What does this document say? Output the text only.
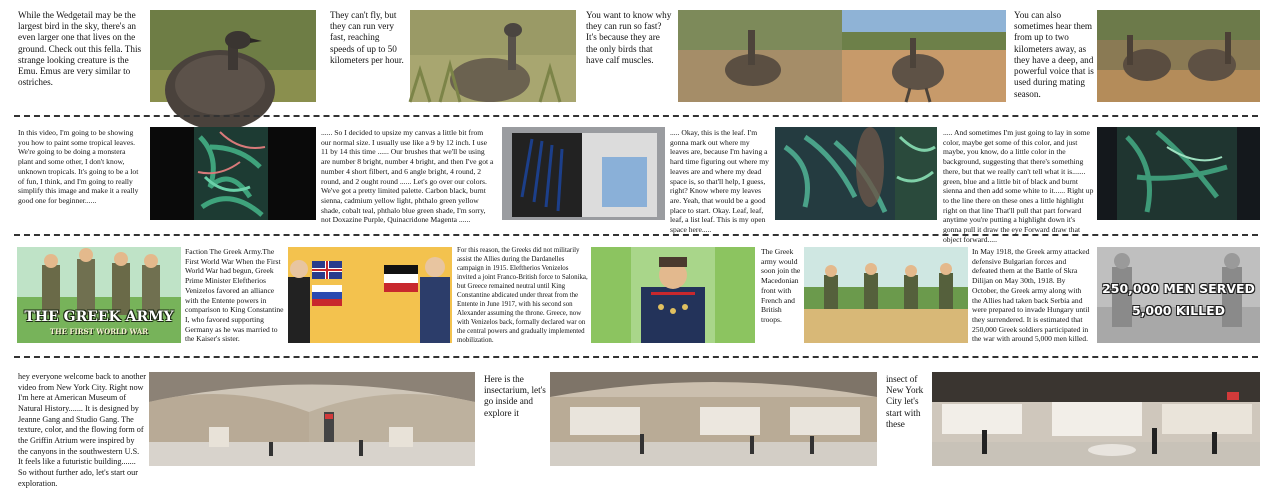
While the Wedgetail may be the largest bird in the sky, there's an even larger one that lives on the ground. Check out this fella. This strange looking creature is the Emu. Emus are very similar to ostriches.
They can't fly, but they can run very fast, reaching speeds of up to 50 kilometers per hour.
You want to know why they can run so fast? It's because they are the only birds that have calf muscles.
You can also sometimes hear them from up to two kilometers away, as they have a deep, and powerful voice that is used during mating season.
In this video, I'm going to be showing you how to paint some tropical leaves. We're going to be doing a monstera plant and some other, I don't know, unknown tropicals. It's going to be a lot of fun, I think, and I'm going to really simplify this image and make it a really good one for beginner......
...... So I decided to upsize my canvas a little bit from our normal size. I usually use like a 9 by 12 inch. I use 11 by 14 this time ...... Our brushes that we'll be using are number 8 bright, number 4 bright, and then I've got a number 4 short filbert, and 6 angle bright, 4 round, 2 round, and 2 ought round ...... Let's go over our colors. We've got a pretty limited palette. Carbon black, burnt sienna, cadmium yellow light, phthalo green yellow shade, cobalt teal, phthalo blue green shade, I'm sorry, not Doxazine Purple, Quinacridone Magenta ......
..... Okay, this is the leaf. I'm gonna mark out where my leaves are, because I'm having a hard time figuring out where my leaves are and where my dead space is, so that'll help, I guess, right? Know where my leaves are. Yeah, that would be a good place to start. Okay. Leaf, leaf, leaf, a list leaf. This is my open space here.....
..... And sometimes I'm just going to lay in some color, maybe get some of this color, and just maybe, you know, do a little color in the background, suggesting that there's something there, but that we really can't tell what it is....... green, blue and a little bit of black and burnt sienna and then add some white to it...... Right up to the line there on these ones a little highlight right on that line That'll pull that part forward anytime you're putting a highlight down it's gonna pull it draw the eye Forward draw that object forward.....
THE GREEK ARMY
THE FIRST WORLD WAR
Faction The Greek Army.The First World War When the First World War had begun, Greek Prime Minister Eleftherios Venizelos favored an alliance with the Entente powers in comparison to King Constantine I, who favored supporting Germany as he was married to the Kaiser's sister.
For this reason, the Greeks did not militarily assist the Allies during the Dardanelles campaign in 1915. Eleftherios Venizelos invited a joint Franco-British force to Salonika, but Greece remained neutral until King Constantine abdicated under threat from the Entente in June 1917, with his second son Alexander assuming the throne. Greece, now with Venizelos back, formally declared war on the central powers and gradually implemented mobilization.
The Greek army would soon join the Macedonian front with French and British troops.
In May 1918, the Greek army attacked defensive Bulgarian forces and defeated them at the Battle of Skra Dilijan on May 30th, 1918. By October, the Greek army along with the Allies had taken back Serbia and were prepared to invade Hungary until they surrendered. It is estimated that 250,000 Greek soldiers participated in the war with around 5,000 men killed.
250,000 MEN SERVED
5,000 KILLED
hey everyone welcome back to another video from New York City. Right now I'm here at American Museum of Natural History....... It is designed by Jeanne Gang and Studio Gang. The texture, color, and the flowing form of the Griffin Atrium were inspired by the canyons in the southwestern U.S. It feels like a futuristic building....... So without further ado, let's start our exploration.
Here is the insectarium, let's go inside and explore it
insect of New York City let's start with these
